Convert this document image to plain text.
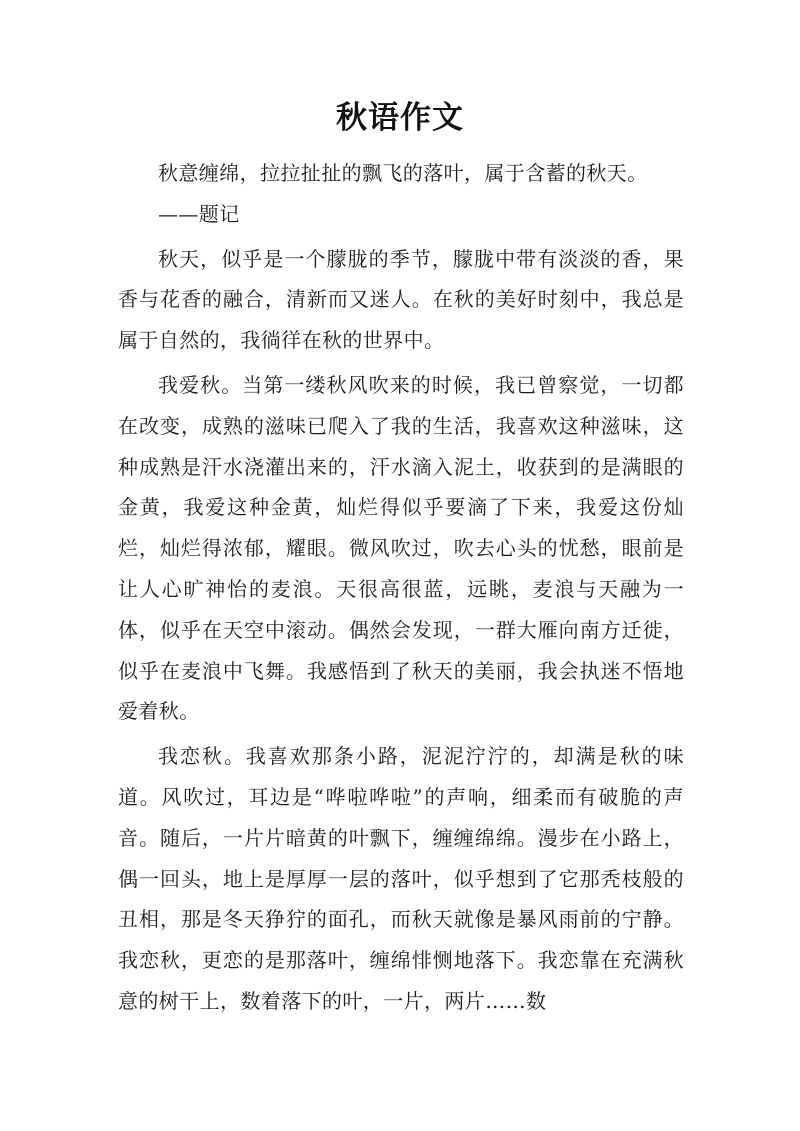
秋语作文

秋意缠绵，拉拉扯扯的飘飞的落叶，属于含蓄的秋天。

——题记

秋天，似乎是一个朦胧的季节，朦胧中带有淡淡的香，果香与花香的融合，清新而又迷人。在秋的美好时刻中，我总是属于自然的，我徜徉在秋的世界中。

我爱秋。当第一缕秋风吹来的时候，我已曾察觉，一切都在改变，成熟的滋味已爬入了我的生活，我喜欢这种滋味，这种成熟是汗水浇灌出来的，汗水滴入泥土，收获到的是满眼的金黄，我爱这种金黄，灿烂得似乎要滴了下来，我爱这份灿烂，灿烂得浓郁，耀眼。微风吹过，吹去心头的忧愁，眼前是让人心旷神怡的麦浪。天很高很蓝，远眺，麦浪与天融为一体，似乎在天空中滚动。偶然会发现，一群大雁向南方迁徙，似乎在麦浪中飞舞。我感悟到了秋天的美丽，我会执迷不悟地爱着秋。

我恋秋。我喜欢那条小路，泥泥泞泞的，却满是秋的味道。风吹过，耳边是“哗啦哗啦”的声响，细柔而有破脆的声音。随后，一片片暗黄的叶飘下，缠缠绵绵。漫步在小路上，偶一回头，地上是厚厚一层的落叶，似乎想到了它那秃枝般的丑相，那是冬天狰狞的面孔，而秋天就像是暴风雨前的宁静。我恋秋，更恋的是那落叶，缠绵悱恻地落下。我恋靠在充满秋意的树干上，数着落下的叶，一片，两片……数
